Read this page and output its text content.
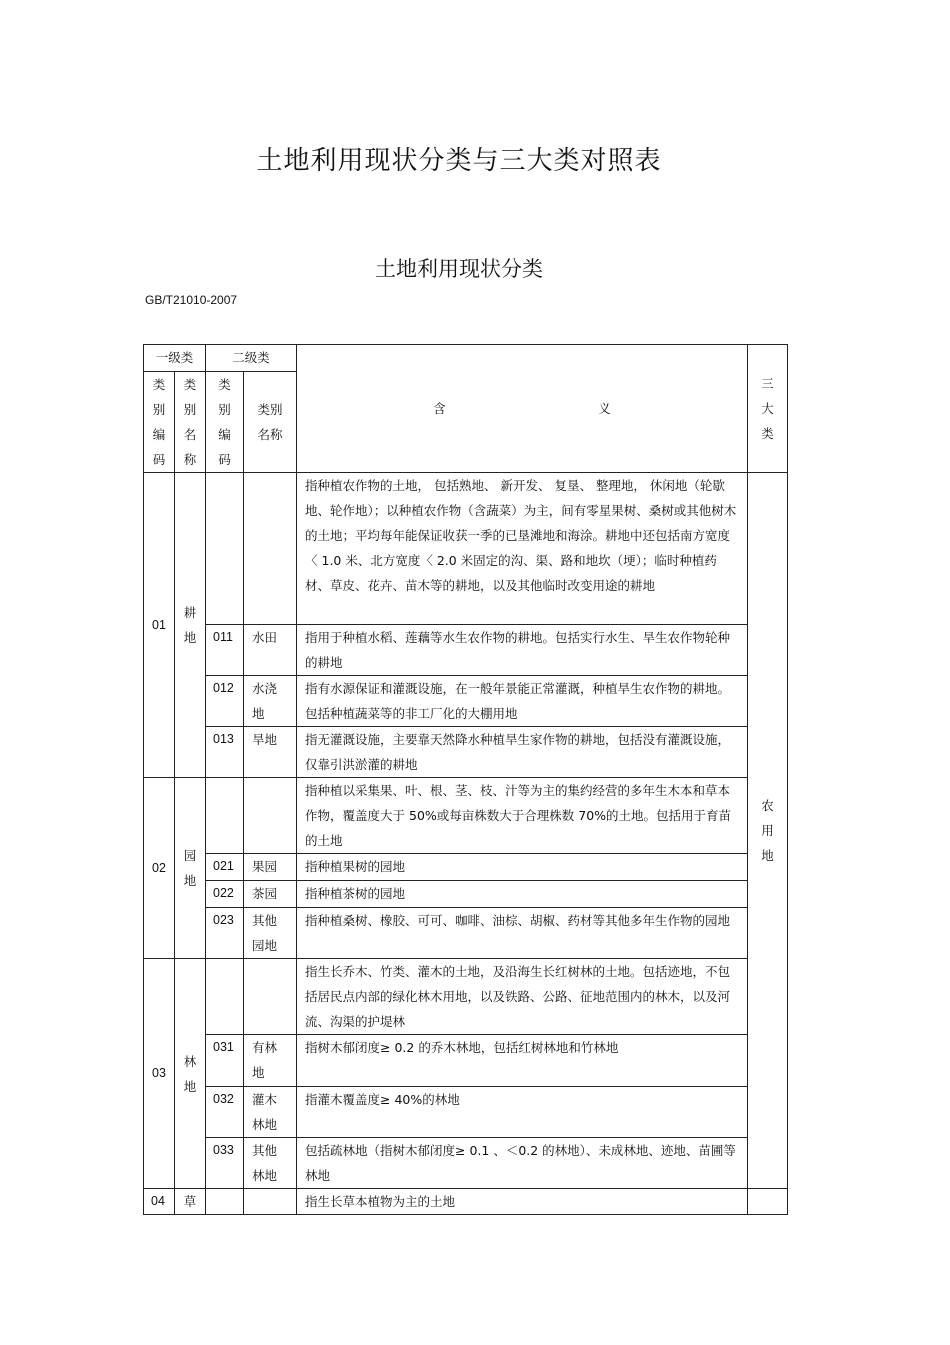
土地利用现状分类与三大类对照表
土地利用现状分类
GB/T21010-2007
一级类		二级类		含 义	三大类
类别编码	类别名称	类别编码	类别名称		
01	耕地			指种植农作物的土地， 包括熟地、 新开发、 复垦、 整理地， 休闲地（轮歇地、轮作地）；以种植农作物（含蔬菜）为主，间有零星果树、桑树或其他树木的土地；平均每年能保证收获一季的已垦滩地和海涂。耕地中还包括南方宽度〈 1.0 米、北方宽度〈 2.0 米固定的沟、渠、路和地坎（埂）；临时种植药材、草皮、花卉、苗木等的耕地，以及其他临时改变用途的耕地	农用地
		011	水田	指用于种植水稻、莲藕等水生农作物的耕地。包括实行水生、旱生农作物轮种的耕地	
		012	水浇地	指有水源保证和灌溉设施，在一般年景能正常灌溉，种植旱生农作物的耕地。包括种植蔬菜等的非工厂化的大棚用地	
		013	旱地	指无灌溉设施，主要靠天然降水种植旱生家作物的耕地，包括没有灌溉设施，仅靠引洪淤灌的耕地	
02	园地			指种植以采集果、叶、根、茎、枝、汁等为主的集约经营的多年生木本和草本作物，覆盖度大于 50%或每亩株数大于合理株数 70%的土地。包括用于育苗的土地	
		021	果园	指种植果树的园地	
		022	茶园	指种植茶树的园地	
		023	其他园地	指种植桑树、橡胶、可可、咖啡、油棕、胡椒、药材等其他多年生作物的园地	
03	林地			指生长乔木、竹类、灌木的土地，及沿海生长红树林的土地。包括迹地，不包括居民点内部的绿化林木用地，以及铁路、公路、征地范围内的林木，以及河流、沟渠的护堤林	
		031	有林地	指树木郁闭度≥ 0.2 的乔木林地，包括红树林地和竹林地	
		032	灌木林地	指灌木覆盖度≥ 40%的林地	
		033	其他林地	包括疏林地（指树木郁闭度≥ 0.1 、＜0.2 的林地）、未成林地、迹地、苗圃等林地	
04	草			指生长草本植物为主的土地	
